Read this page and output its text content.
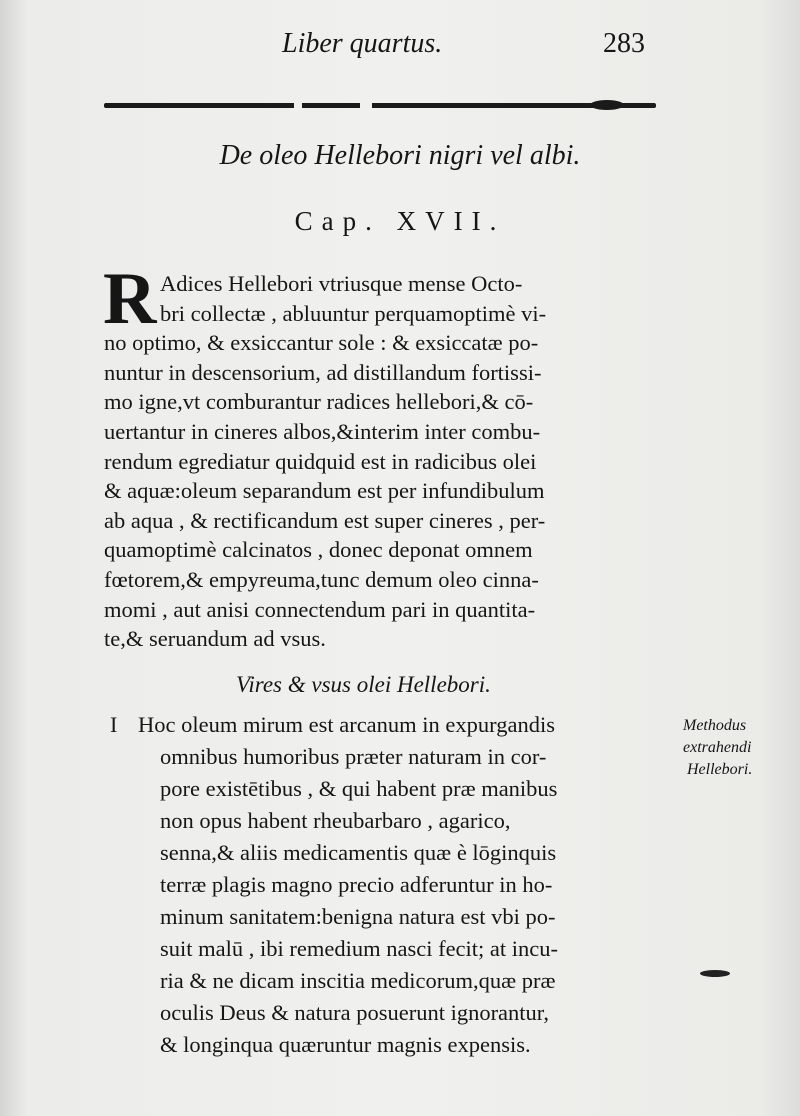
Liber quartus.	283
De oleo Hellebori nigri vel albi.
Cap. XVII.
R Adices Hellebori vtriusque mense Octo-
bri collectæ , abluuntur perquamoptimè vi-
no optimo, & exsiccantur sole : & exsiccatæ po-
nuntur in descensorium, ad distillandum fortissi-
mo igne,vt comburantur radices hellebori,& cō-
uertantur in cineres albos,&interim inter combu-
rendum egrediatur quidquid est in radicibus olei
& aquæ:oleum separandum est per infundibulum
ab aqua , & rectificandum est super cineres , per-
quamoptimè calcinatos , donec deponat omnem
fœtorem,& empyreuma,tunc demum oleo cinna-
momi , aut anisi connectendum pari in quantita-
te,& seruandum ad vsus.
Vires & vsus olei Hellebori.
I Hoc oleum mirum est arcanum in expurgandis
omnibus humoribus præter naturam in cor-
pore existētibus , & qui habent præ manibus
non opus habent rheubarbaro , agarico,
senna,& aliis medicamentis quæ è lōginquis
terræ plagis magno precio adferuntur in ho-
minum sanitatem:benigna natura est vbi po-
suit malū , ibi remedium nasci fecit; at incu-
ria & ne dicam inscitia medicorum,quæ præ
oculis Deus & natura posuerunt ignorantur,
& longinqua quæruntur magnis expensis.
Methodus
extrahendi
Hellebori.
